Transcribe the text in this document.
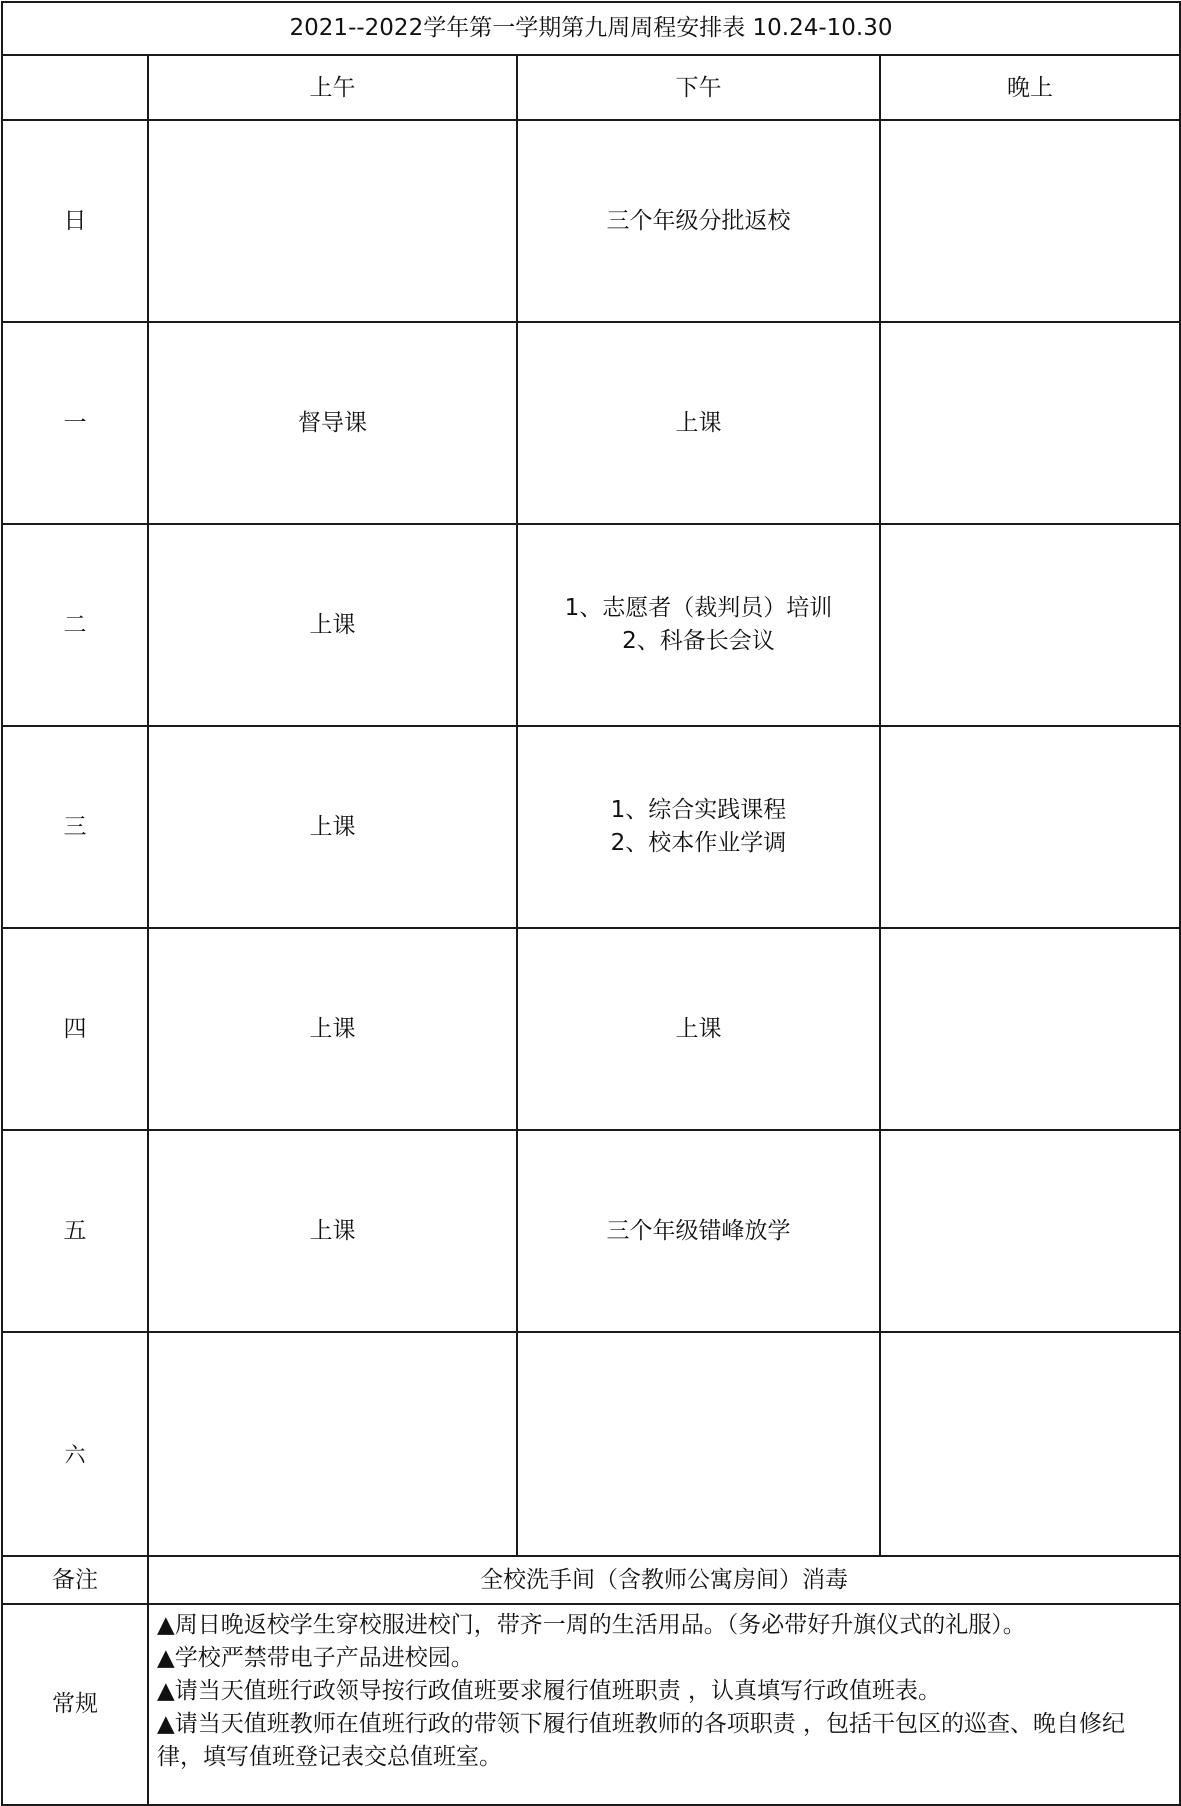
2021--2022学年第一学期第九周周程安排表 10.24-10.30			

	上午	下午	晚上

日		三个年级分批返校	

一	督导课	上课	

二	上课	1、志愿者（裁判员）培训
2、科备长会议	

三	上课	1、综合实践课程
2、校本作业学调	

四	上课	上课	

五	上课	三个年级错峰放学	

六			
备注	全校洗手间（含教师公寓房间）消毒		
常规	▲周日晚返校学生穿校服进校门，带齐一周的生活用品。（务必带好升旗仪式的礼服）。
▲学校严禁带电子产品进校园。
▲请当天值班行政领导按行政值班要求履行值班职责 ，认真填写行政值班表。
▲请当天值班教师在值班行政的带领下履行值班教师的各项职责 ，包括干包区的巡查、晚自修纪律，填写值班登记表交总值班室。		
